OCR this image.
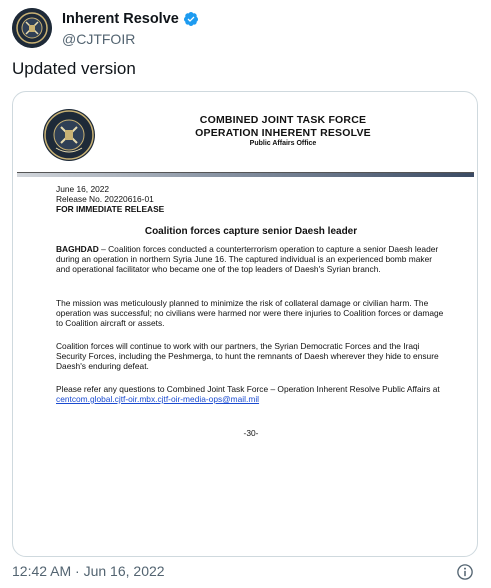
Inherent Resolve
@CJTFOIR
Updated version
COMBINED JOINT TASK FORCE
OPERATION INHERENT RESOLVE
Public Affairs Office
June 16, 2022
Release No. 20220616-01
FOR IMMEDIATE RELEASE
Coalition forces capture senior Daesh leader
BAGHDAD – Coalition forces conducted a counterterrorism operation to capture a senior Daesh leader during an operation in northern Syria June 16. The captured individual is an experienced bomb maker and operational facilitator who became one of the top leaders of Daesh's Syrian branch.
The mission was meticulously planned to minimize the risk of collateral damage or civilian harm. The operation was successful; no civilians were harmed nor were there injuries to Coalition forces or damage to Coalition aircraft or assets.
Coalition forces will continue to work with our partners, the Syrian Democratic Forces and the Iraqi Security Forces, including the Peshmerga, to hunt the remnants of Daesh wherever they hide to ensure Daesh's enduring defeat.
Please refer any questions to Combined Joint Task Force – Operation Inherent Resolve Public Affairs at centcom.global.cjtf-oir.mbx.cjtf-oir-media-ops@mail.mil
-30-
12:42 AM · Jun 16, 2022
